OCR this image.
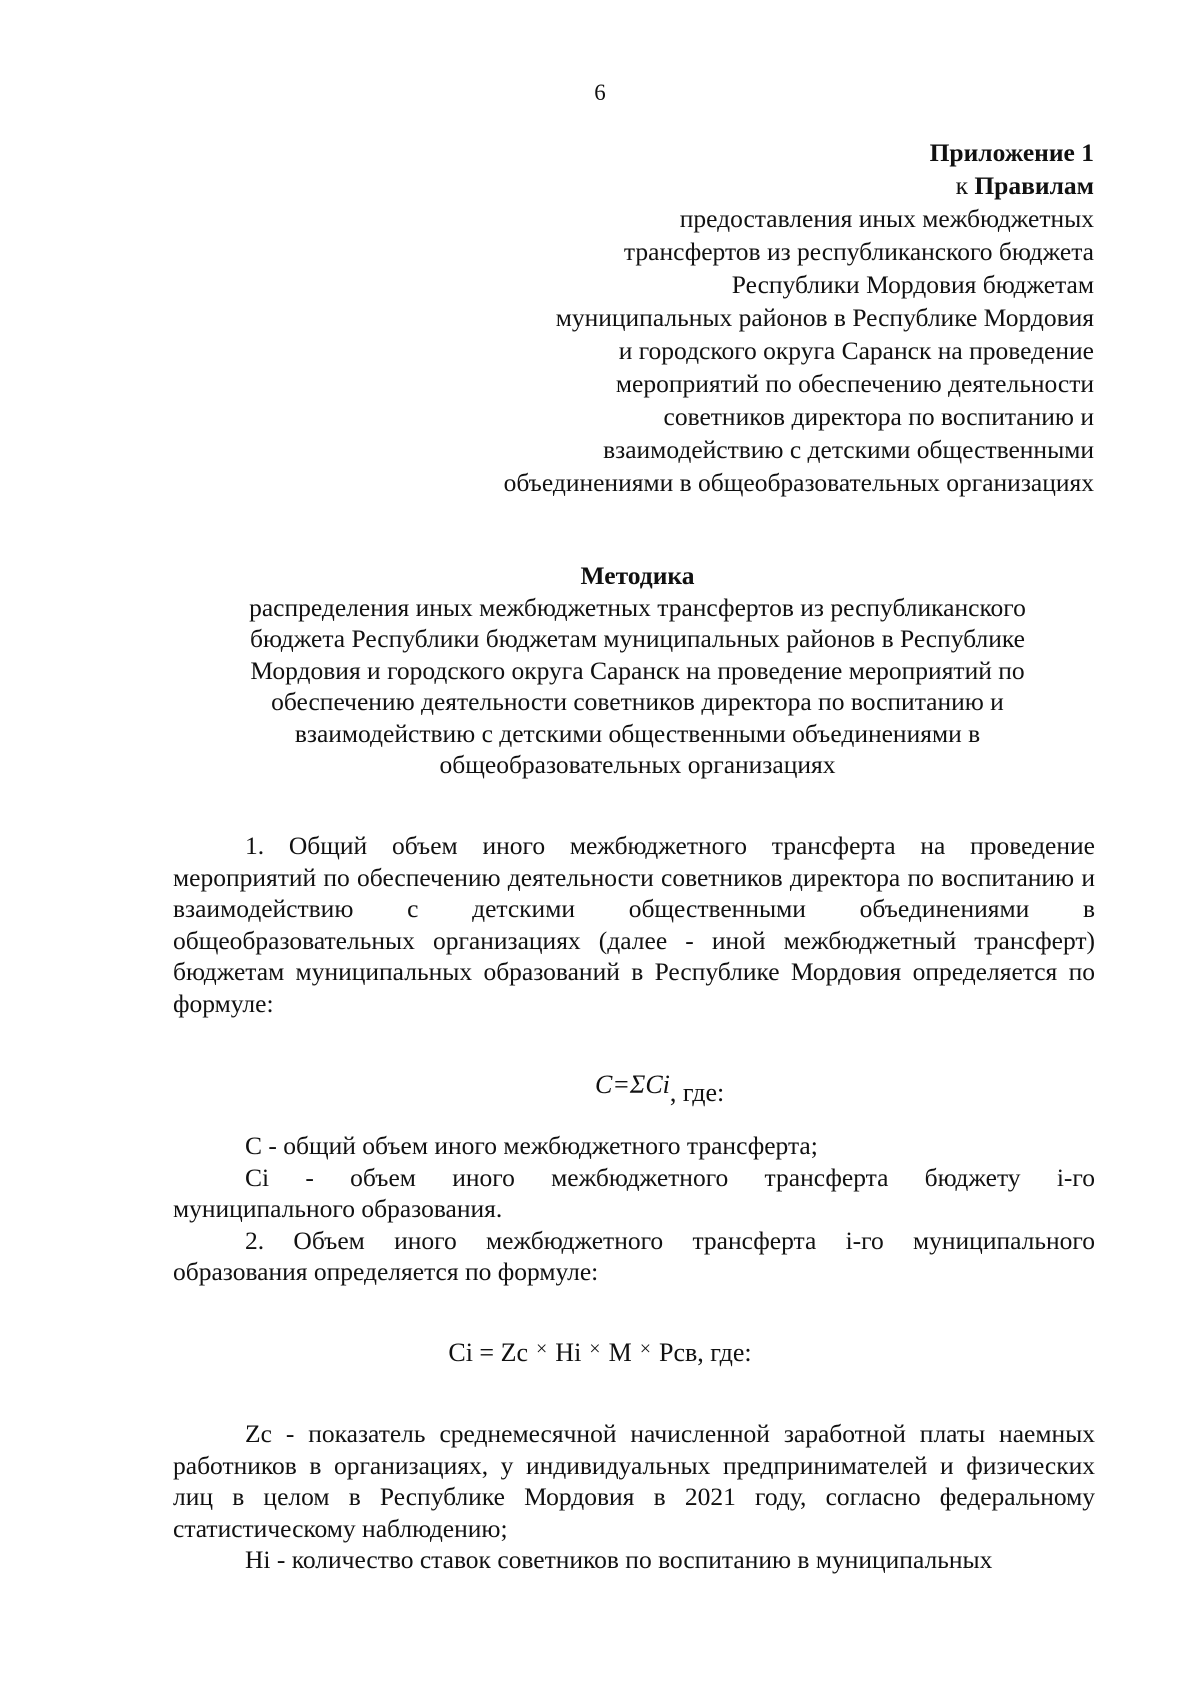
6
Приложение 1
к Правилам
предоставления иных межбюджетных
трансфертов из республиканского бюджета
Республики Мордовия бюджетам
муниципальных районов в Республике Мордовия
и городского округа Саранск на проведение
мероприятий по обеспечению деятельности
советников директора по воспитанию и
взаимодействию с детскими общественными
объединениями в общеобразовательных организациях
Методика
распределения иных межбюджетных трансфертов из республиканского
бюджета Республики бюджетам муниципальных районов в Республике
Мордовия и городского округа Саранск на проведение мероприятий по
обеспечению деятельности советников директора по воспитанию и
взаимодействию с детскими общественными объединениями в
общеобразовательных организациях

1. Общий объем иного межбюджетного трансферта на проведение мероприятий по обеспечению деятельности советников директора по воспитанию и взаимодействию с детскими общественными объединениями в общеобразовательных организациях (далее - иной межбюджетный трансферт) бюджетам муниципальных образований в Республике Мордовия определяется по формуле:

C=ΣCi, где:

С - общий объем иного межбюджетного трансферта;

Ci - объем иного межбюджетного трансферта бюджету i-го

муниципального образования.

2. Объем иного межбюджетного трансферта i-го муниципального образования определяется по формуле:

Ci = Zc × Hi × M × Pсв, где:

Zc - показатель среднемесячной начисленной заработной платы наемных работников в организациях, у индивидуальных предпринимателей и физических лиц в целом в Республике Мордовия в 2021 году, согласно федеральному статистическому наблюдению;

Hi - количество ставок советников по воспитанию в муниципальных
